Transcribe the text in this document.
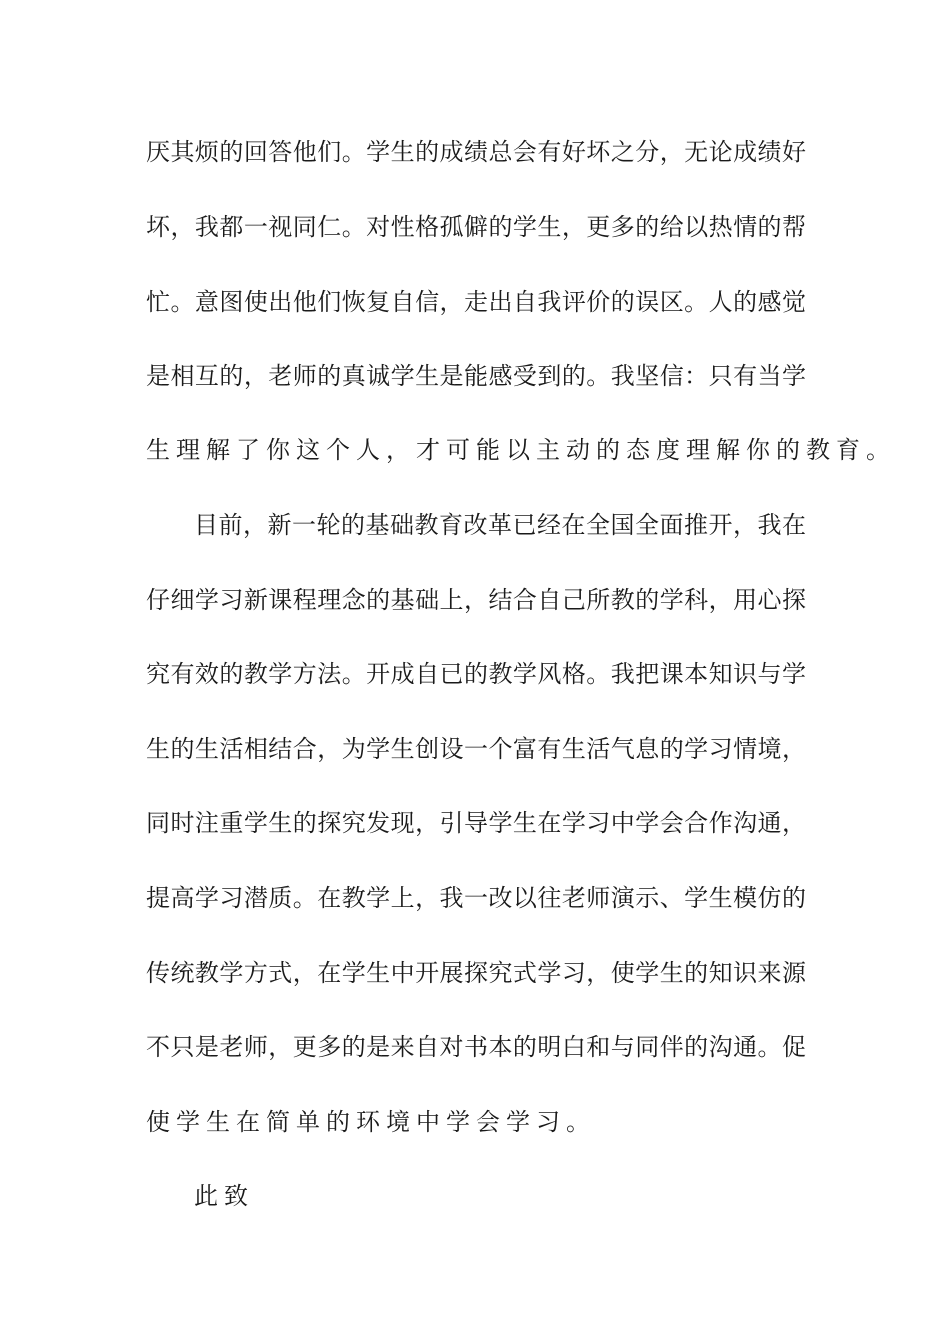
厌其烦的回答他们。学生的成绩总会有好坏之分，无论成绩好
坏，我都一视同仁。对性格孤僻的学生，更多的给以热情的帮
忙。意图使出他们恢复自信，走出自我评价的误区。人的感觉
是相互的，老师的真诚学生是能感受到的。我坚信：只有当学
生理解了你这个人，才可能以主动的态度理解你的教育。
目前，新一轮的基础教育改革已经在全国全面推开，我在
仔细学习新课程理念的基础上，结合自己所教的学科，用心探
究有效的教学方法。开成自已的教学风格。我把课本知识与学
生的生活相结合，为学生创设一个富有生活气息的学习情境，
同时注重学生的探究发现，引导学生在学习中学会合作沟通，
提高学习潜质。在教学上，我一改以往老师演示、学生模仿的
传统教学方式，在学生中开展探究式学习，使学生的知识来源
不只是老师，更多的是来自对书本的明白和与同伴的沟通。促
使学生在简单的环境中学会学习。
此致
